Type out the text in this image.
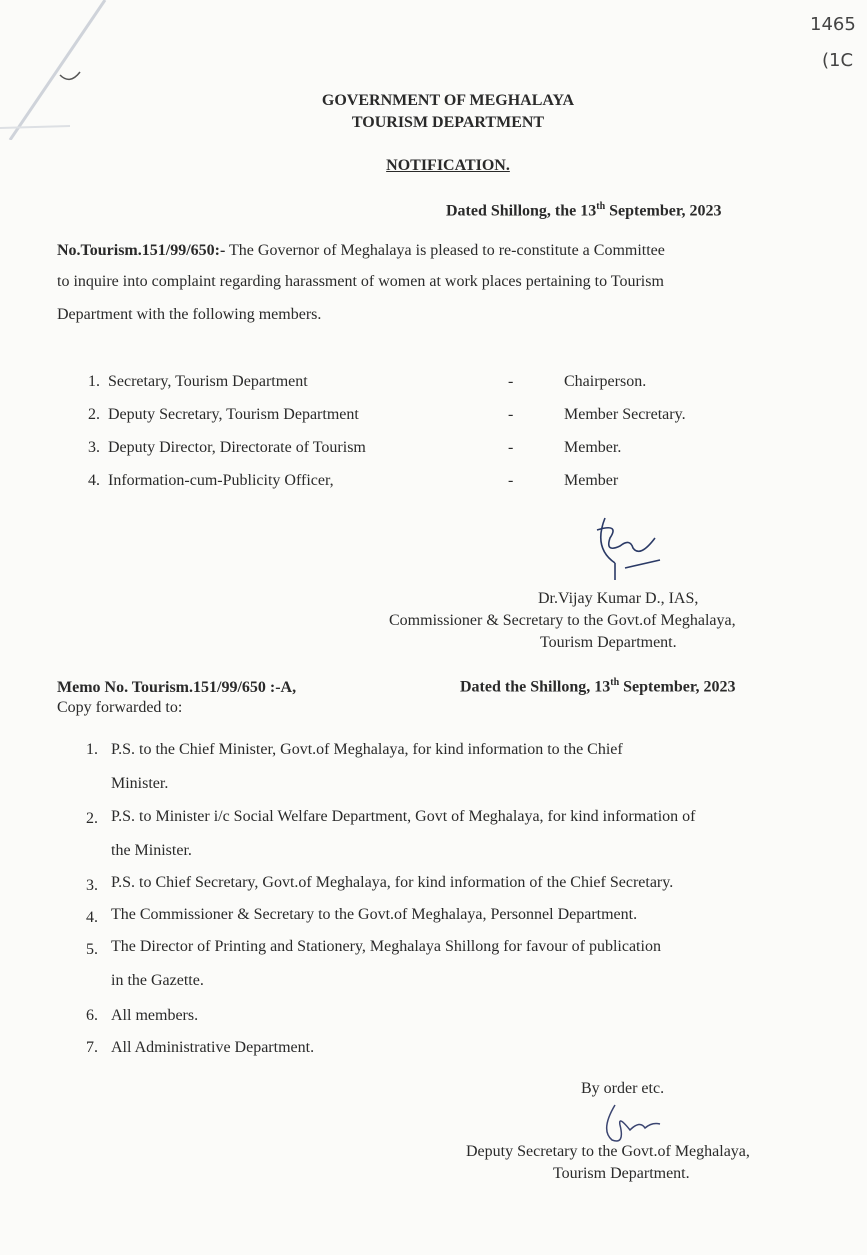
1465
(1C
GOVERNMENT OF MEGHALAYA
TOURISM DEPARTMENT
NOTIFICATION.
Dated Shillong, the 13th September, 2023
No.Tourism.151/99/650:- The Governor of Meghalaya is pleased to re-constitute a Committee
to inquire into complaint regarding harassment of women at work places pertaining to Tourism
Department with the following members.
1. Secretary, Tourism Department	-	Chairperson.
2. Deputy Secretary, Tourism Department	-	Member Secretary.
3. Deputy Director, Directorate of Tourism	-	Member.
4. Information-cum-Publicity Officer,	-	Member
Dr.Vijay Kumar D., IAS,
Commissioner & Secretary to the Govt.of Meghalaya,
Tourism Department.
Memo No. Tourism.151/99/650 :-A,	Dated the Shillong, 13th September, 2023
Copy forwarded to:
1. P.S. to the Chief Minister, Govt.of Meghalaya, for kind information to the Chief
Minister.
2. P.S. to Minister i/c Social Welfare Department, Govt of Meghalaya, for kind information of
the Minister.
3. P.S. to Chief Secretary, Govt.of Meghalaya, for kind information of the Chief Secretary.
4. The Commissioner & Secretary to the Govt.of Meghalaya, Personnel Department.
5. The Director of Printing and Stationery, Meghalaya Shillong for favour of publication
in the Gazette.
6. All members.
7. All Administrative Department.
By order etc.
Deputy Secretary to the Govt.of Meghalaya,
Tourism Department.
